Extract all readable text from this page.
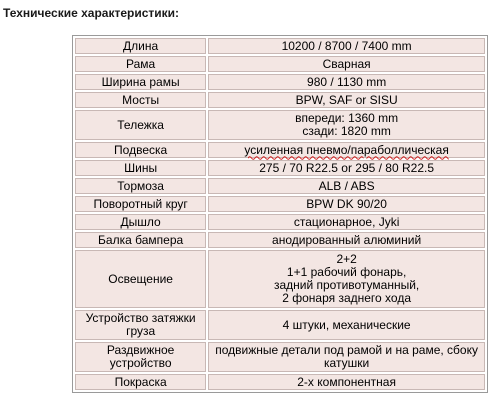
Технические характеристики:
Длина	10200 / 8700 / 7400 mm

Рама	Сварная

Ширина рамы	980 / 1130 mm

Мосты	BPW, SAF or SISU

Тележка	впереди: 1360 mm
сзади: 1820 mm

Подвеска	усиленная пневмо/параболлическая

Шины	275 / 70 R22.5 or 295 / 80 R22.5

Тормоза	ALB / ABS

Поворотный круг	BPW DK 90/20

Дышло	стационарное, Jyki

Балка бампера	анодированный алюминий

Освещение	2+2
1+1 рабочий фонарь,
задний противотуманный,
2 фонаря заднего хода

Устройство затяжки груза	4 штуки, механические

Раздвижное устройство	подвижные детали под рамой и на раме, сбоку катушки

Покраска	2-х компонентная
